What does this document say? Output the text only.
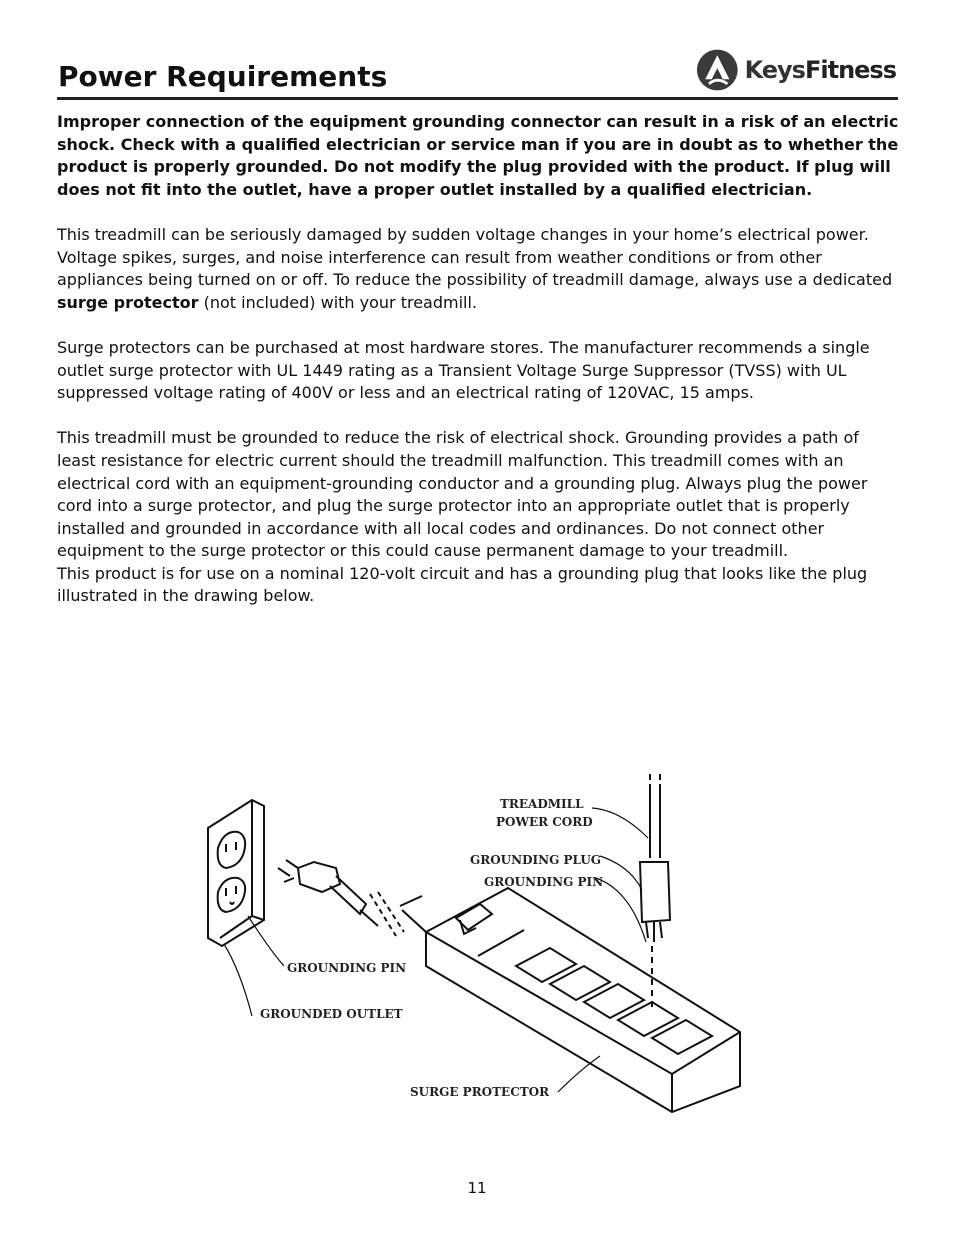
Power Requirements	KeysFitness

Improper connection of the equipment grounding connector can result in a risk of an electric shock. Check with a qualified electrician or service man if you are in doubt as to whether the product is properly grounded. Do not modify the plug provided with the product. If plug will does not fit into the outlet, have a proper outlet installed by a qualified electrician.

This treadmill can be seriously damaged by sudden voltage changes in your home’s electrical power. Voltage spikes, surges, and noise interference can result from weather conditions or from other appliances being turned on or off. To reduce the possibility of treadmill damage, always use a dedicated surge protector (not included) with your treadmill.

Surge protectors can be purchased at most hardware stores. The manufacturer recommends a single outlet surge protector with UL 1449 rating as a Transient Voltage Surge Suppressor (TVSS) with UL suppressed voltage rating of 400V or less and an electrical rating of 120VAC, 15 amps.

This treadmill must be grounded to reduce the risk of electrical shock. Grounding provides a path of least resistance for electric current should the treadmill malfunction. This treadmill comes with an electrical cord with an equipment-grounding conductor and a grounding plug. Always plug the power cord into a surge protector, and plug the surge protector into an appropriate outlet that is properly installed and grounded in accordance with all local codes and ordinances. Do not connect other equipment to the surge protector or this could cause permanent damage to your treadmill.

This product is for use on a nominal 120-volt circuit and has a grounding plug that looks like the plug illustrated in the drawing below.

TREADMILL
POWER CORD
GROUNDING PLUG
GROUNDING PIN
GROUNDING PIN
GROUNDED OUTLET
SURGE PROTECTOR
11
